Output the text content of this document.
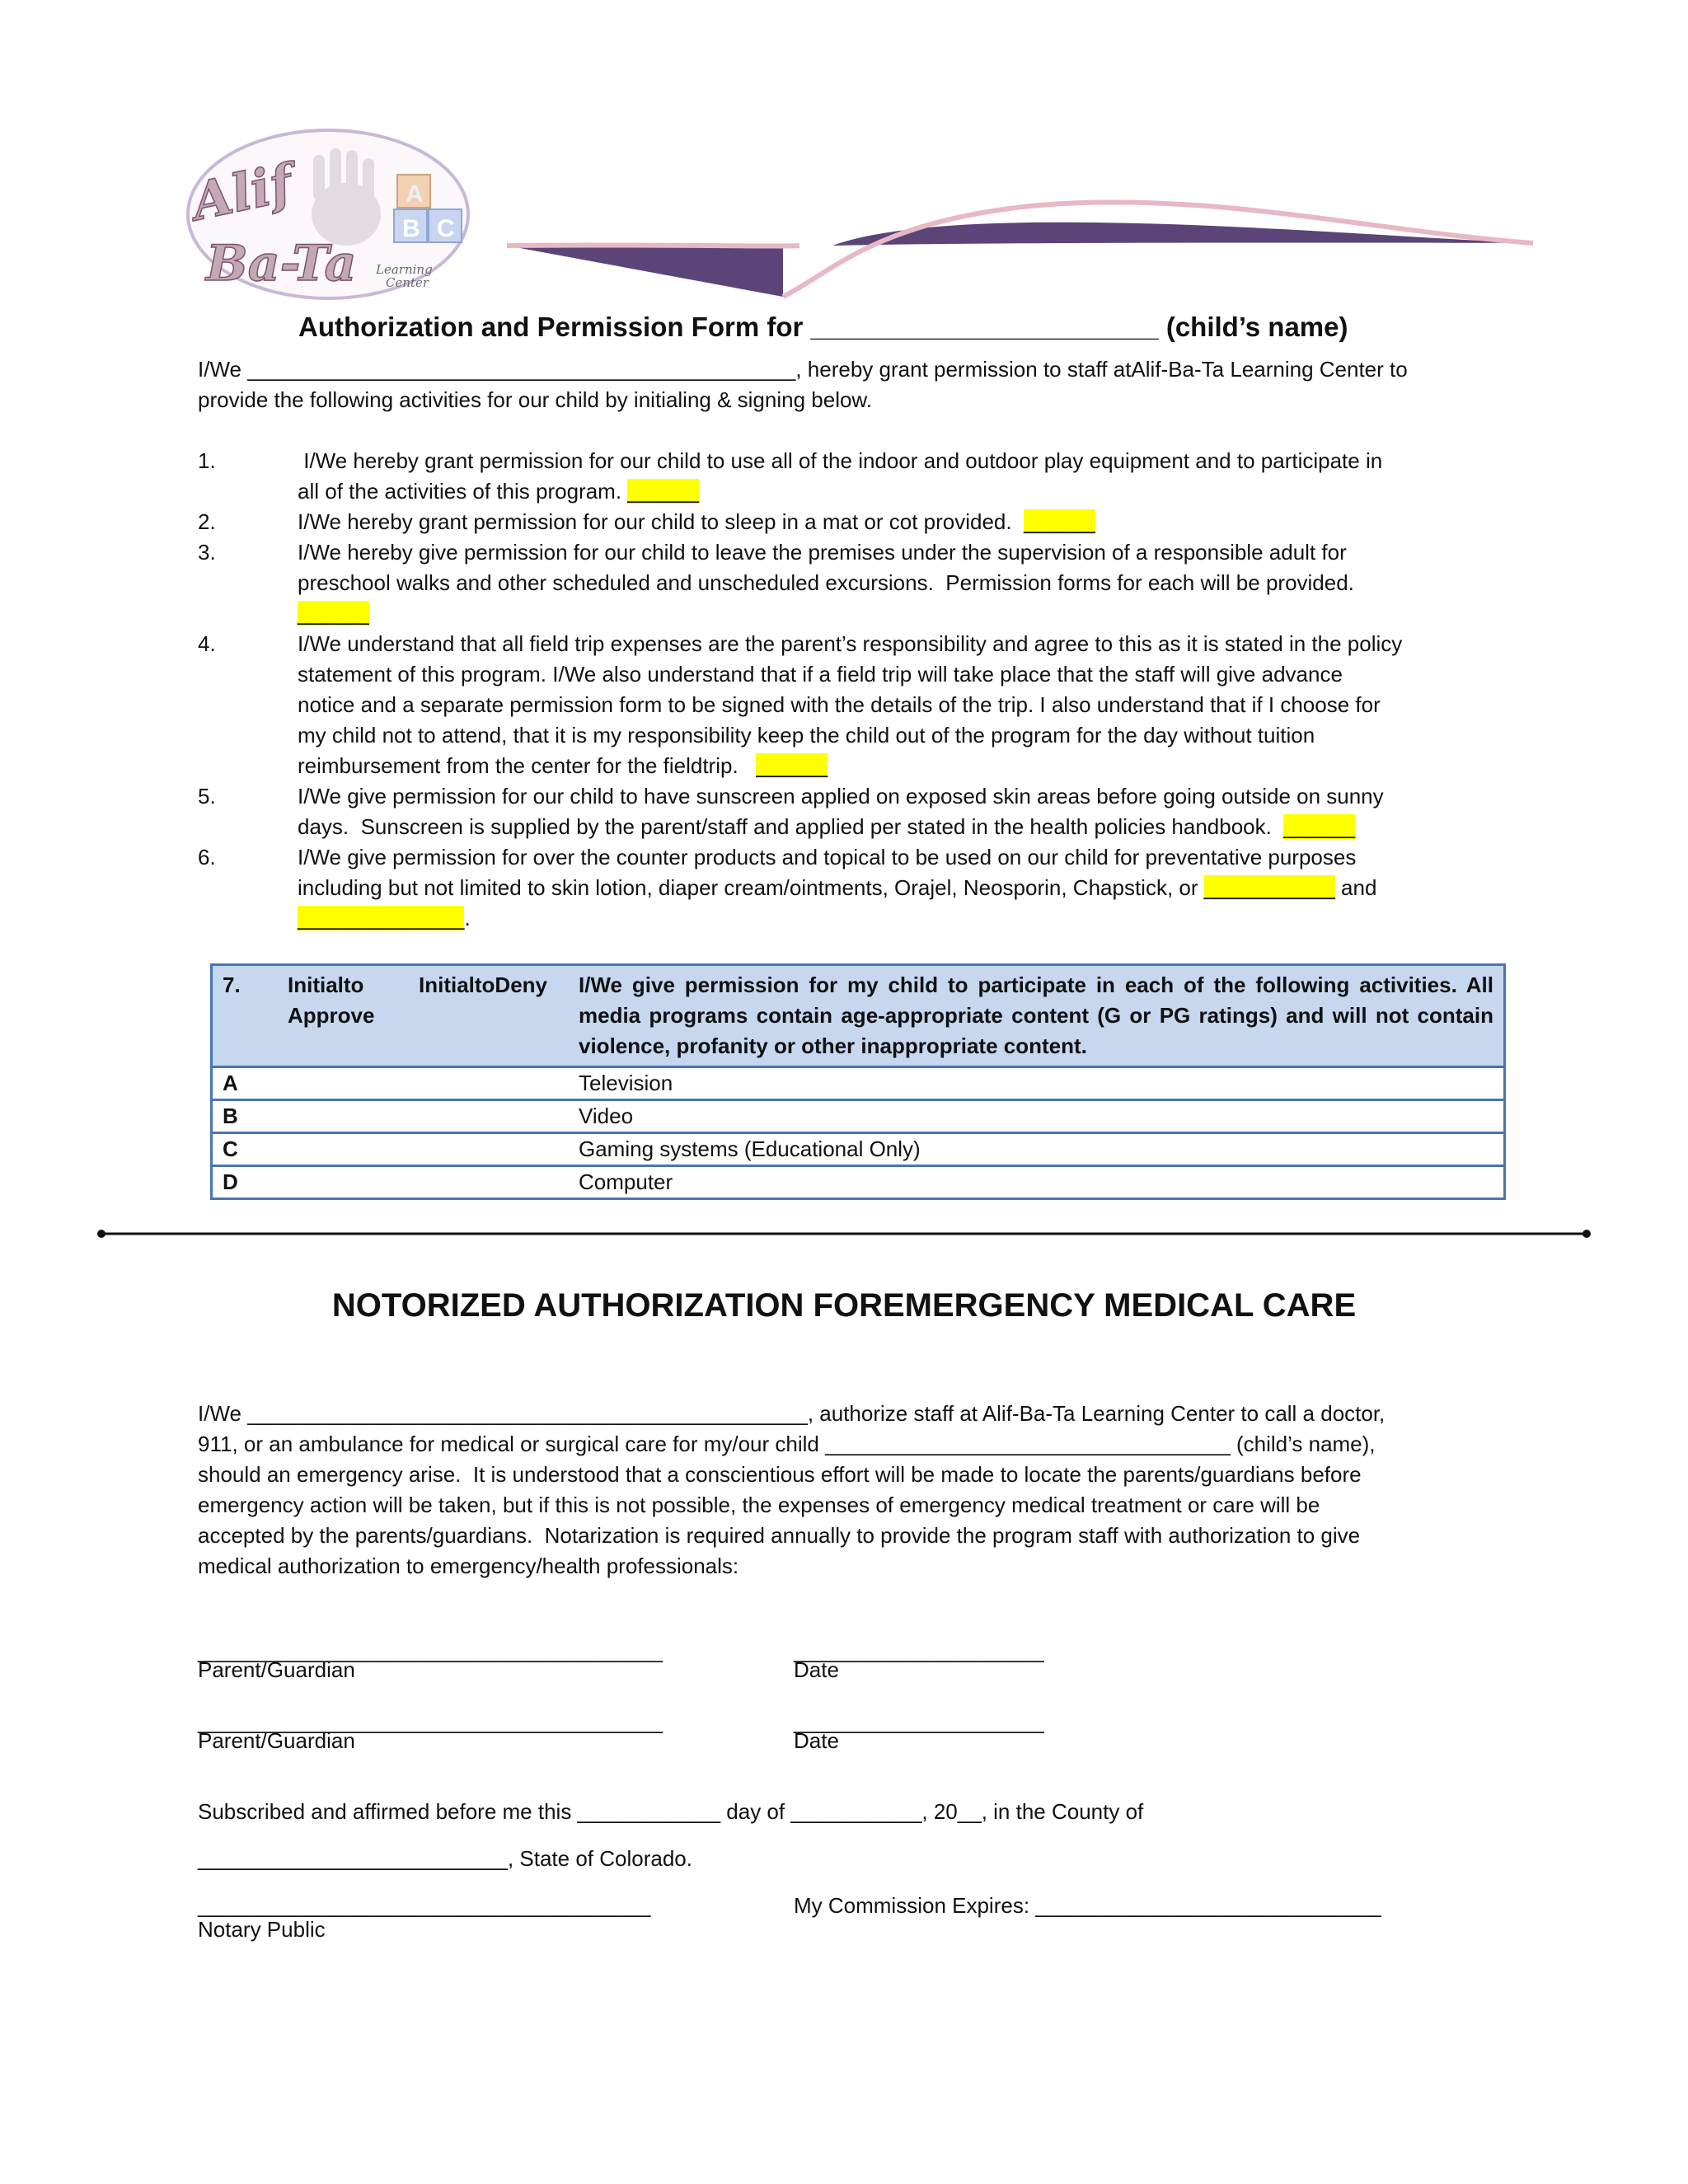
A
B C
Alif
Ba-Ta Learning
Center
Authorization and Permission Form for _______________________ (child’s name)
I/We ______________________________________________, hereby grant permission to staff atAlif-Ba-Ta Learning Center to
provide the following activities for our child by initialing & signing below.
1.	I/We hereby grant permission for our child to use all of the indoor and outdoor play equipment and to participate in
all of the activities of this program. ______
2.	I/We hereby grant permission for our child to sleep in a mat or cot provided.  ______
3.	I/We hereby give permission for our child to leave the premises under the supervision of a responsible adult for
preschool walks and other scheduled and unscheduled excursions.  Permission forms for each will be provided.
______
4.	I/We understand that all field trip expenses are the parent’s responsibility and agree to this as it is stated in the policy
statement of this program. I/We also understand that if a field trip will take place that the staff will give advance
notice and a separate permission form to be signed with the details of the trip. I also understand that if I choose for
my child not to attend, that it is my responsibility keep the child out of the program for the day without tuition
reimbursement from the center for the fieldtrip.   ______
5.	I/We give permission for our child to have sunscreen applied on exposed skin areas before going outside on sunny
days.  Sunscreen is supplied by the parent/staff and applied per stated in the health policies handbook.  ______
6.	I/We give permission for over the counter products and topical to be used on our child for preventative purposes
including but not limited to skin lotion, diaper cream/ointments, Orajel, Neosporin, Chapstick, or ___________ and
______________.
7.	Initialto Approve	InitialtoDeny	I/We give permission for my child to participate in each of the following activities. All media programs contain age-appropriate content (G or PG ratings) and will not contain violence, profanity or other inappropriate content.
A			Television
B			Video
C			Gaming systems (Educational Only)
D			Computer
NOTORIZED AUTHORIZATION FOREMERGENCY MEDICAL CARE
I/We _______________________________________________, authorize staff at Alif-Ba-Ta Learning Center to call a doctor,
911, or an ambulance for medical or surgical care for my/our child __________________________________ (child’s name),
should an emergency arise.  It is understood that a conscientious effort will be made to locate the parents/guardians before
emergency action will be taken, but if this is not possible, the expenses of emergency medical treatment or care will be
accepted by the parents/guardians.  Notarization is required annually to provide the program staff with authorization to give
medical authorization to emergency/health professionals:
_______________________________________	_____________________
Parent/Guardian	Date
_______________________________________	_____________________
Parent/Guardian	Date
Subscribed and affirmed before me this ____________ day of ___________, 20__, in the County of
__________________________, State of Colorado.
______________________________________	My Commission Expires: _____________________________
Notary Public
